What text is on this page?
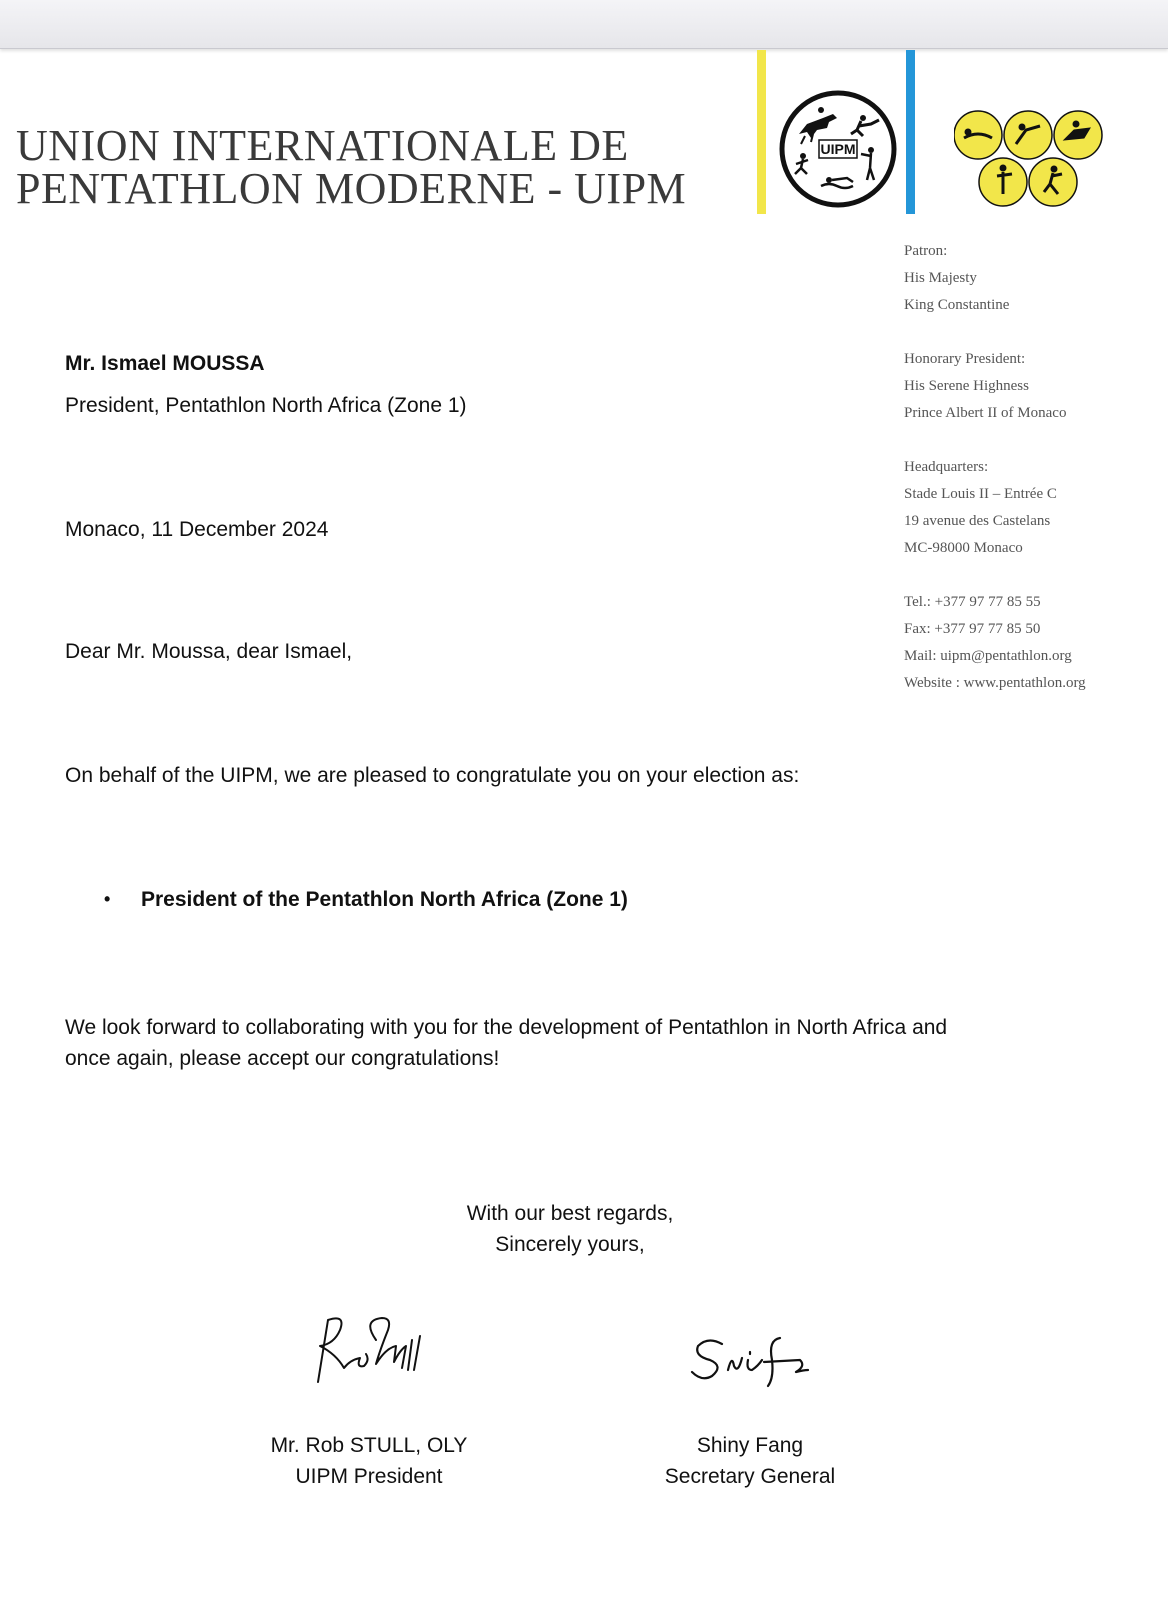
UNION INTERNATIONALE DE
PENTATHLON MODERNE - UIPM
UIPM
Patron:
His Majesty
King Constantine
Honorary President:
His Serene Highness
Prince Albert II of Monaco
Headquarters:
Stade Louis II – Entrée C
19 avenue des Castelans
MC-98000 Monaco
Tel.: +377 97 77 85 55
Fax: +377 97 77 85 50
Mail: uipm@pentathlon.org
Website : www.pentathlon.org
Mr. Ismael MOUSSA
President, Pentathlon North Africa (Zone 1)
Monaco, 11 December 2024
Dear Mr. Moussa, dear Ismael,
On behalf of the UIPM, we are pleased to congratulate you on your election as:
• President of the Pentathlon North Africa (Zone 1)
We look forward to collaborating with you for the development of Pentathlon in North Africa and
once again, please accept our congratulations!
With our best regards,
Sincerely yours,
Mr. Rob STULL, OLY
UIPM President
Shiny Fang
Secretary General
